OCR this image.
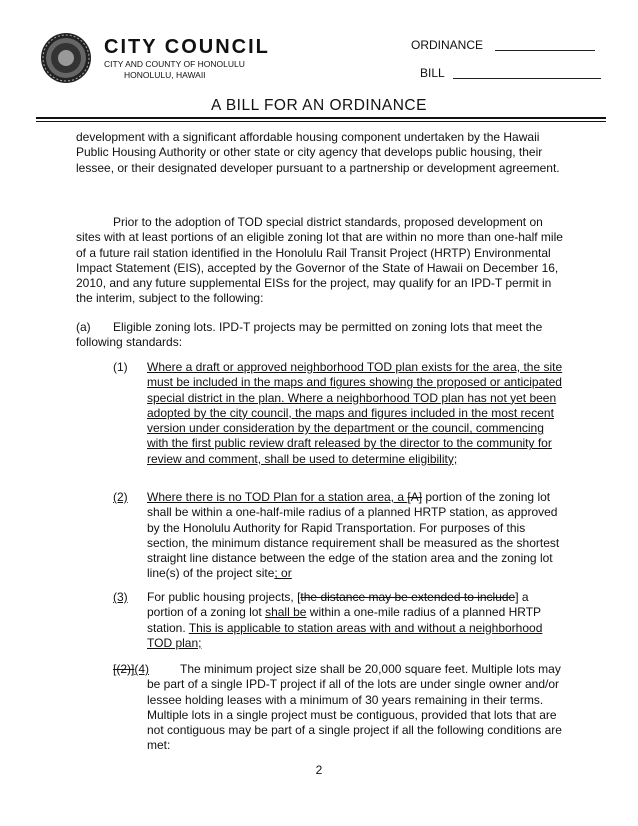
CITY COUNCIL
CITY AND COUNTY OF HONOLULU
HONOLULU, HAWAII
ORDINANCE
BILL
A BILL FOR AN ORDINANCE

development with a significant affordable housing component undertaken by the Hawaii Public Housing Authority or other state or city agency that develops public housing, their lessee, or their designated developer pursuant to a partnership or development agreement.

Prior to the adoption of TOD special district standards, proposed development on sites with at least portions of an eligible zoning lot that are within no more than one-half mile of a future rail station identified in the Honolulu Rail Transit Project (HRTP) Environmental Impact Statement (EIS), accepted by the Governor of the State of Hawaii on December 16, 2010, and any future supplemental EISs for the project, may qualify for an IPD-T permit in the interim, subject to the following:

(a)	Eligible zoning lots. IPD-T projects may be permitted on zoning lots that meet the following standards:

(1) Where a draft or approved neighborhood TOD plan exists for the area, the site must be included in the maps and figures showing the proposed or anticipated special district in the plan. Where a neighborhood TOD plan has not yet been adopted by the city council, the maps and figures included in the most recent version under consideration by the department or the council, commencing with the first public review draft released by the director to the community for review and comment, shall be used to determine eligibility;

(2) Where there is no TOD Plan for a station area, a [A] portion of the zoning lot shall be within a one-half-mile radius of a planned HRTP station, as approved by the Honolulu Authority for Rapid Transportation. For purposes of this section, the minimum distance requirement shall be measured as the shortest straight line distance between the edge of the station area and the zoning lot line(s) of the project site; or

(3) For public housing projects, [the distance may be extended to include] a portion of a zoning lot shall be within a one-mile radius of a planned HRTP station. This is applicable to station areas with and without a neighborhood TOD plan;

[(2)](4)	The minimum project size shall be 20,000 square feet. Multiple lots may be part of a single IPD-T project if all of the lots are under single owner and/or lessee holding leases with a minimum of 30 years remaining in their terms. Multiple lots in a single project must be contiguous, provided that lots that are not contiguous may be part of a single project if all the following conditions are met:

2
